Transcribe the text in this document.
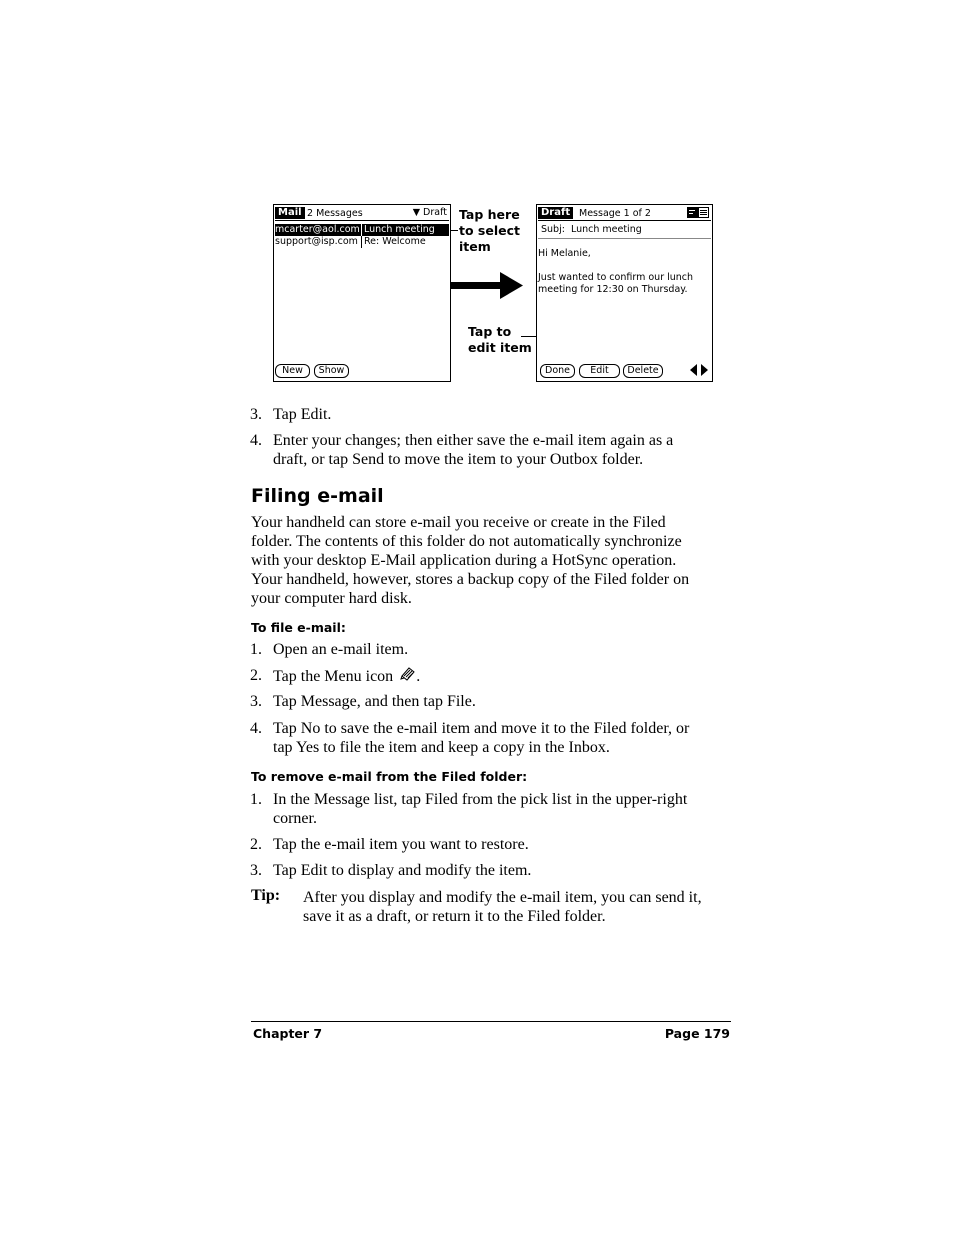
Mail 2 Messages	▼ Draft
mcarter@aol.com Lunch meeting
support@isp.com Re: Welcome
New	Show
Tap here
to select
item
Tap to
edit item
Draft Message 1 of 2
Subj:  Lunch meeting
Hi Melanie,
Just wanted to confirm our lunch
meeting for 12:30 on Thursday.
Done	Edit	Delete
3. Tap Edit.
4. Enter your changes; then either save the e-mail item again as a
draft, or tap Send to move the item to your Outbox folder.
Filing e-mail
Your handheld can store e-mail you receive or create in the Filed
folder. The contents of this folder do not automatically synchronize
with your desktop E-Mail application during a HotSync operation.
Your handheld, however, stores a backup copy of the Filed folder on
your computer hard disk.
To file e-mail:
1. Open an e-mail item.
2. Tap the Menu icon .
3. Tap Message, and then tap File.
4. Tap No to save the e-mail item and move it to the Filed folder, or
tap Yes to file the item and keep a copy in the Inbox.
To remove e-mail from the Filed folder:
1. In the Message list, tap Filed from the pick list in the upper-right
corner.
2. Tap the e-mail item you want to restore.
3. Tap Edit to display and modify the item.
Tip: After you display and modify the e-mail item, you can send it,
save it as a draft, or return it to the Filed folder.
Chapter 7	Page 179
